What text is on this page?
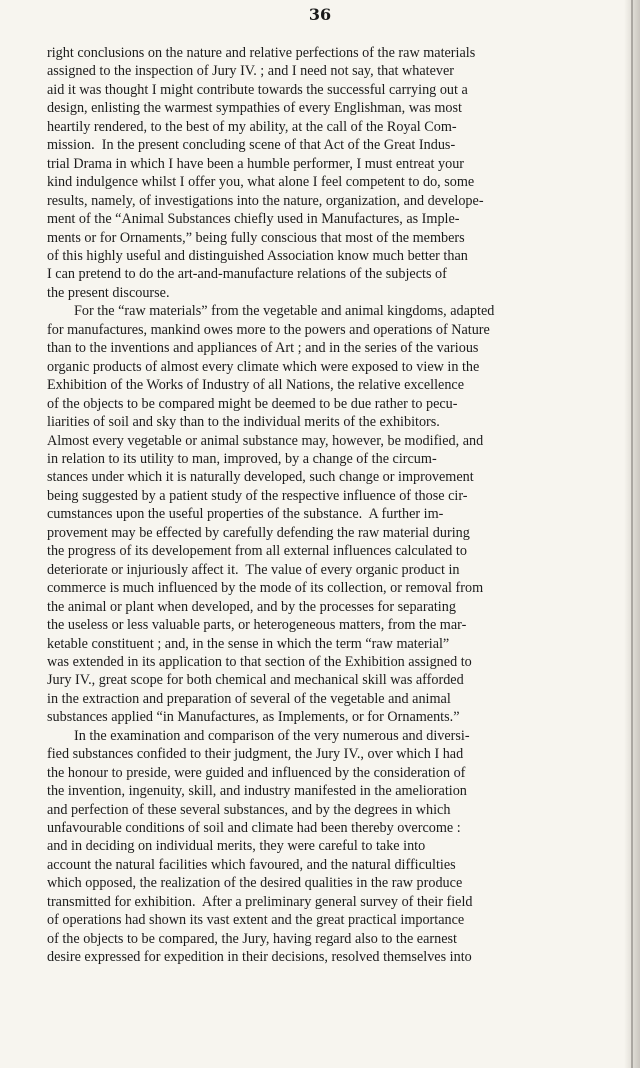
36
right conclusions on the nature and relative perfections of the raw materials
assigned to the inspection of Jury IV. ; and I need not say, that whatever
aid it was thought I might contribute towards the successful carrying out a
design, enlisting the warmest sympathies of every Englishman, was most
heartily rendered, to the best of my ability, at the call of the Royal Com-
mission.  In the present concluding scene of that Act of the Great Indus-
trial Drama in which I have been a humble performer, I must entreat your
kind indulgence whilst I offer you, what alone I feel competent to do, some
results, namely, of investigations into the nature, organization, and develope-
ment of the “Animal Substances chiefly used in Manufactures, as Imple-
ments or for Ornaments,” being fully conscious that most of the members
of this highly useful and distinguished Association know much better than
I can pretend to do the art-and-manufacture relations of the subjects of
the present discourse.
For the “raw materials” from the vegetable and animal kingdoms, adapted
for manufactures, mankind owes more to the powers and operations of Nature
than to the inventions and appliances of Art ; and in the series of the various
organic products of almost every climate which were exposed to view in the
Exhibition of the Works of Industry of all Nations, the relative excellence
of the objects to be compared might be deemed to be due rather to pecu-
liarities of soil and sky than to the individual merits of the exhibitors.
Almost every vegetable or animal substance may, however, be modified, and
in relation to its utility to man, improved, by a change of the circum-
stances under which it is naturally developed, such change or improvement
being suggested by a patient study of the respective influence of those cir-
cumstances upon the useful properties of the substance.  A further im-
provement may be effected by carefully defending the raw material during
the progress of its developement from all external influences calculated to
deteriorate or injuriously affect it.  The value of every organic product in
commerce is much influenced by the mode of its collection, or removal from
the animal or plant when developed, and by the processes for separating
the useless or less valuable parts, or heterogeneous matters, from the mar-
ketable constituent ; and, in the sense in which the term “raw material”
was extended in its application to that section of the Exhibition assigned to
Jury IV., great scope for both chemical and mechanical skill was afforded
in the extraction and preparation of several of the vegetable and animal
substances applied “in Manufactures, as Implements, or for Ornaments.”
In the examination and comparison of the very numerous and diversi-
fied substances confided to their judgment, the Jury IV., over which I had
the honour to preside, were guided and influenced by the consideration of
the invention, ingenuity, skill, and industry manifested in the amelioration
and perfection of these several substances, and by the degrees in which
unfavourable conditions of soil and climate had been thereby overcome :
and in deciding on individual merits, they were careful to take into
account the natural facilities which favoured, and the natural difficulties
which opposed, the realization of the desired qualities in the raw produce
transmitted for exhibition.  After a preliminary general survey of their field
of operations had shown its vast extent and the great practical importance
of the objects to be compared, the Jury, having regard also to the earnest
desire expressed for expedition in their decisions, resolved themselves into
